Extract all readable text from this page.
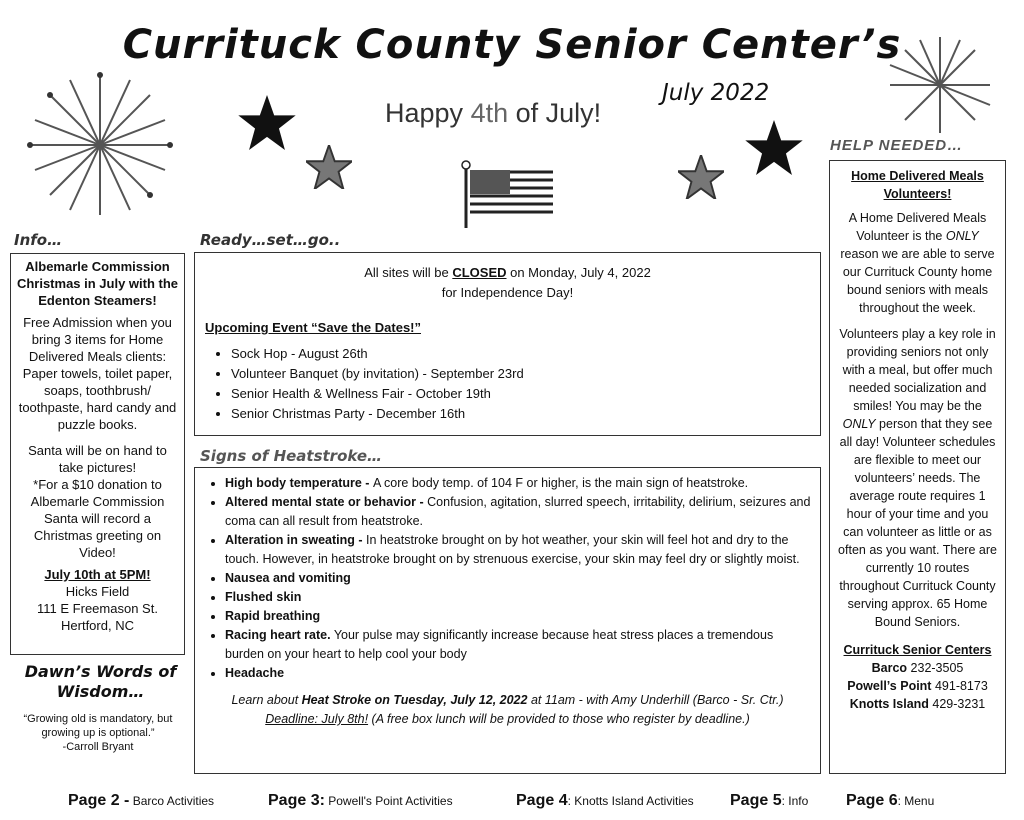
Currituck County Senior Center’s
Happy 4th of July!
July 2022
Info…

Albemarle Commission Christmas in July with the Edenton Steamers!

Free Admission when you bring 3 items for Home Delivered Meals clients: Paper towels, toilet paper, soaps, toothbrush/ toothpaste, hard candy and puzzle books.

Santa will be on hand to take pictures!

*For a $10 donation to Albemarle Commission Santa will record a Christmas greeting on Video!

July 10th at 5PM!

Hicks Field

111 E Freemason St.

Hertford, NC

Dawn’s Words of Wisdom…

“Growing old is mandatory, but growing up is optional.”

-Carroll Bryant

Ready…set…go..

All sites will be CLOSED on Monday, July 4, 2022

for Independence Day!

Upcoming Event “Save the Dates!”

• Sock Hop - August 26th
• Volunteer Banquet (by invitation) - September 23rd
• Senior Health & Wellness Fair - October 19th
• Senior Christmas Party - December 16th
Signs of Heatstroke…
• High body temperature - A core body temp. of 104 F or higher, is the main sign of heatstroke.
• Altered mental state or behavior - Confusion, agitation, slurred speech, irritability, delirium, seizures and coma can all result from heatstroke.
• Alteration in sweating - In heatstroke brought on by hot weather, your skin will feel hot and dry to the touch. However, in heatstroke brought on by strenuous exercise, your skin may feel dry or slightly moist.
• Nausea and vomiting
• Flushed skin
• Rapid breathing
• Racing heart rate. Your pulse may significantly increase because heat stress places a tremendous burden on your heart to help cool your body
• Headache

Learn about Heat Stroke on Tuesday, July 12, 2022 at 11am - with Amy Underhill (Barco - Sr. Ctr.)

Deadline: July 8th! (A free box lunch will be provided to those who register by deadline.)

HELP NEEDED…

Home Delivered Meals Volunteers!

A Home Delivered Meals Volunteer is the ONLY reason we are able to serve our Currituck County home bound seniors with meals throughout the week.

Volunteers play a key role in providing seniors not only with a meal, but offer much needed socialization and smiles! You may be the ONLY person that they see all day! Volunteer schedules are flexible to meet our volunteers’ needs. The average route requires 1 hour of your time and you can volunteer as little or as often as you want. There are currently 10 routes throughout Currituck County serving approx. 65 Home Bound Seniors.

Currituck Senior Centers

Barco 232-3505

Powell’s Point 491-8173

Knotts Island 429-3231

Page 2 - Barco Activities	Page 3: Powell's Point Activities	Page 4: Knotts Island Activities Page 5: Info Page 6: Menu
